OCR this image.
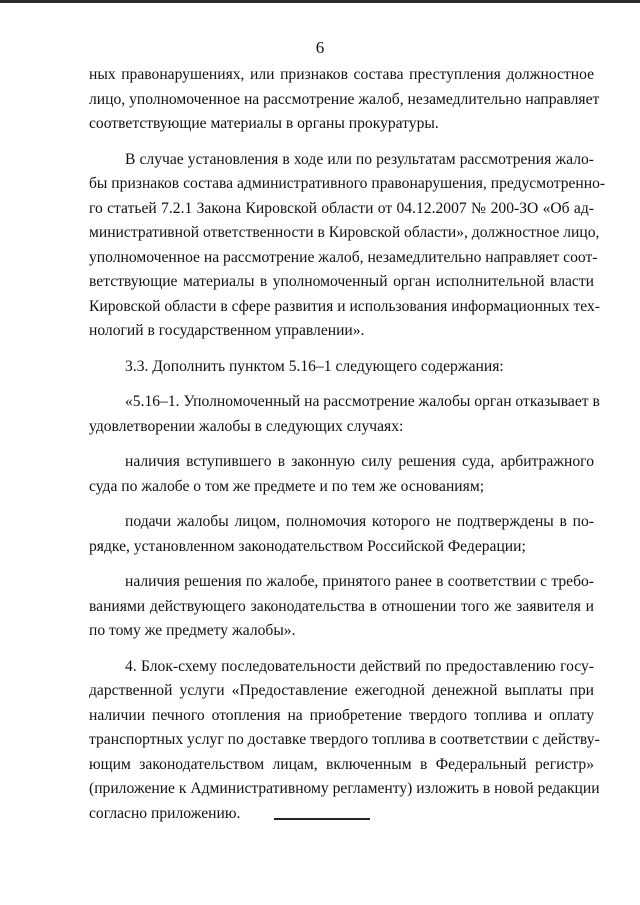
6

ных правонарушениях, или признаков состава преступления должностное
лицо, уполномоченное на рассмотрение жалоб, незамедлительно направляет
соответствующие материалы в органы прокуратуры.

В случае установления в ходе или по результатам рассмотрения жало-
бы признаков состава административного правонарушения, предусмотренно-
го статьей 7.2.1 Закона Кировской области от 04.12.2007 № 200-ЗО «Об ад-
министративной ответственности в Кировской области», должностное лицо,
уполномоченное на рассмотрение жалоб, незамедлительно направляет соот-
ветствующие материалы в уполномоченный орган исполнительной власти
Кировской области в сфере развития и использования информационных тех-
нологий в государственном управлении».

3.3. Дополнить пунктом 5.16–1 следующего содержания:

«5.16–1. Уполномоченный на рассмотрение жалобы орган отказывает в
удовлетворении жалобы в следующих случаях:

наличия вступившего в законную силу решения суда, арбитражного
суда по жалобе о том же предмете и по тем же основаниям;

подачи жалобы лицом, полномочия которого не подтверждены в по-
рядке, установленном законодательством Российской Федерации;

наличия решения по жалобе, принятого ранее в соответствии с требо-
ваниями действующего законодательства в отношении того же заявителя и
по тому же предмету жалобы».

4. Блок-схему последовательности действий по предоставлению госу-
дарственной услуги «Предоставление ежегодной денежной выплаты при
наличии печного отопления на приобретение твердого топлива и оплату
транспортных услуг по доставке твердого топлива в соответствии с действу-
ющим законодательством лицам, включенным в Федеральный регистр»
(приложение к Административному регламенту) изложить в новой редакции
согласно приложению.
